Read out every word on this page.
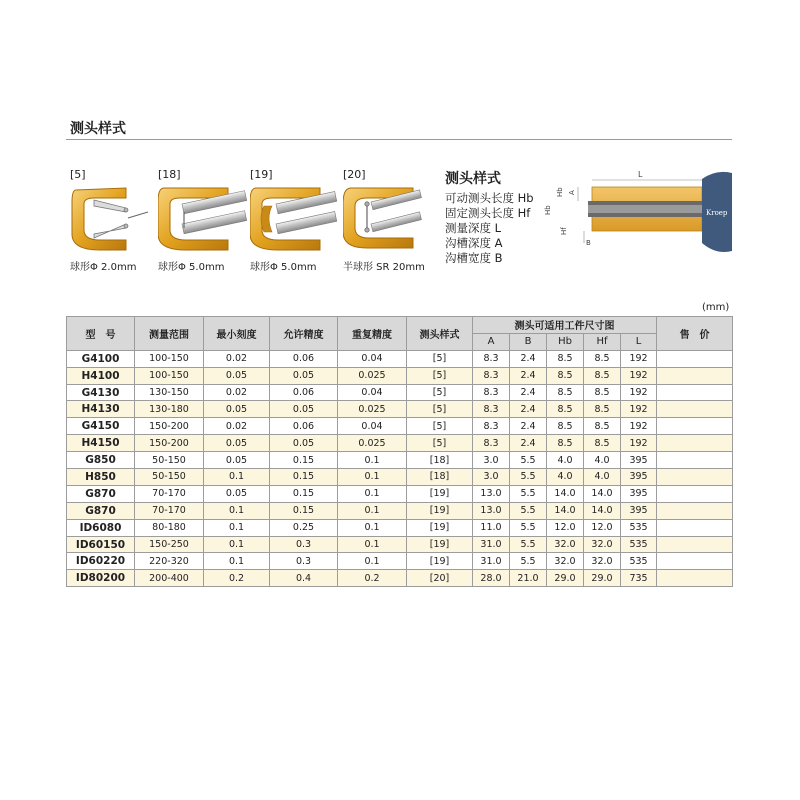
测头样式
[5]
球形Φ 2.0mm
[18]
球形Φ 5.0mm
[19]
球形Φ 5.0mm
[20]
半球形 SR 20mm
测头样式
可动测头长度 Hb
固定测头长度 Hf
测量深度 L
沟槽深度 A
沟槽宽度 B
Kroep
L
A
Hb
Hb
Hf
B
(mm)
型　号	测量范围	最小刻度	允许精度	重复精度	测头样式	测头可适用工件尺寸图					售　价
						A	B	Hb	Hf	L	
G4100	100-150	0.02	0.06	0.04	[5]	8.3	2.4	8.5	8.5	192	
H4100	100-150	0.05	0.05	0.025	[5]	8.3	2.4	8.5	8.5	192	
G4130	130-150	0.02	0.06	0.04	[5]	8.3	2.4	8.5	8.5	192	
H4130	130-180	0.05	0.05	0.025	[5]	8.3	2.4	8.5	8.5	192	
G4150	150-200	0.02	0.06	0.04	[5]	8.3	2.4	8.5	8.5	192	
H4150	150-200	0.05	0.05	0.025	[5]	8.3	2.4	8.5	8.5	192	
G850	50-150	0.05	0.15	0.1	[18]	3.0	5.5	4.0	4.0	395	
H850	50-150	0.1	0.15	0.1	[18]	3.0	5.5	4.0	4.0	395	
G870	70-170	0.05	0.15	0.1	[19]	13.0	5.5	14.0	14.0	395	
G870	70-170	0.1	0.15	0.1	[19]	13.0	5.5	14.0	14.0	395	
ID6080	80-180	0.1	0.25	0.1	[19]	11.0	5.5	12.0	12.0	535	
ID60150	150-250	0.1	0.3	0.1	[19]	31.0	5.5	32.0	32.0	535	
ID60220	220-320	0.1	0.3	0.1	[19]	31.0	5.5	32.0	32.0	535	
ID80200	200-400	0.2	0.4	0.2	[20]	28.0	21.0	29.0	29.0	735	
